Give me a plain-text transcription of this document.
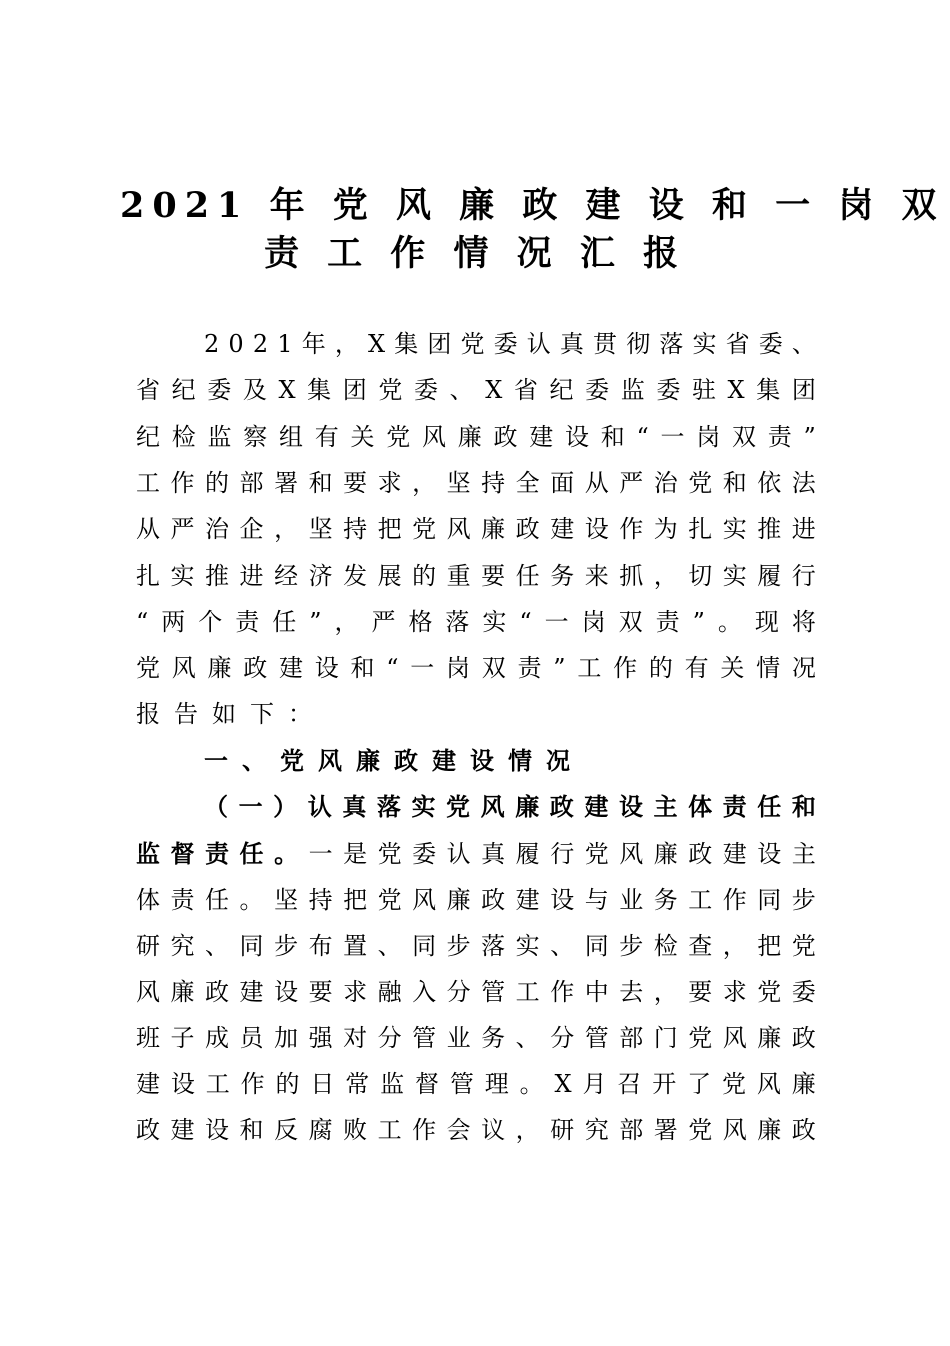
2021 年 党 风 廉 政 建 设 和 一 岗 双
责 工 作 情 况 汇 报
2 0 2 1 年 ， X 集 团 党 委 认 真 贯 彻 落 实 省 委 、
省 纪 委 及 X 集 团 党 委 、 X 省 纪 委 监 委 驻 X 集 团
纪 检 监 察 组 有 关 党 风 廉 政 建 设 和 “ 一 岗 双 责 ”
工 作 的 部 署 和 要 求 ， 坚 持 全 面 从 严 治 党 和 依 法
从 严 治 企 ， 坚 持 把 党 风 廉 政 建 设 作 为 扎 实 推 进
扎 实 推 进 经 济 发 展 的 重 要 任 务 来 抓 ， 切 实 履 行
“ 两 个 责 任 ” ， 严 格 落 实 “ 一 岗 双 责 ” 。 现 将
党 风 廉 政 建 设 和 “ 一 岗 双 责 ” 工 作 的 有 关 情 况
报 告 如 下 ：
一 、 党 风 廉 政 建 设 情 况
（ 一 ） 认 真 落 实 党 风 廉 政 建 设 主 体 责 任 和
监 督 责 任 。 一 是 党 委 认 真 履 行 党 风 廉 政 建 设 主
体 责 任 。 坚 持 把 党 风 廉 政 建 设 与 业 务 工 作 同 步
研 究 、 同 步 布 置 、 同 步 落 实 、 同 步 检 查 ， 把 党
风 廉 政 建 设 要 求 融 入 分 管 工 作 中 去 ， 要 求 党 委
班 子 成 员 加 强 对 分 管 业 务 、 分 管 部 门 党 风 廉 政
建 设 工 作 的 日 常 监 督 管 理 。 X 月 召 开 了 党 风 廉
政 建 设 和 反 腐 败 工 作 会 议 ， 研 究 部 署 党 风 廉 政
